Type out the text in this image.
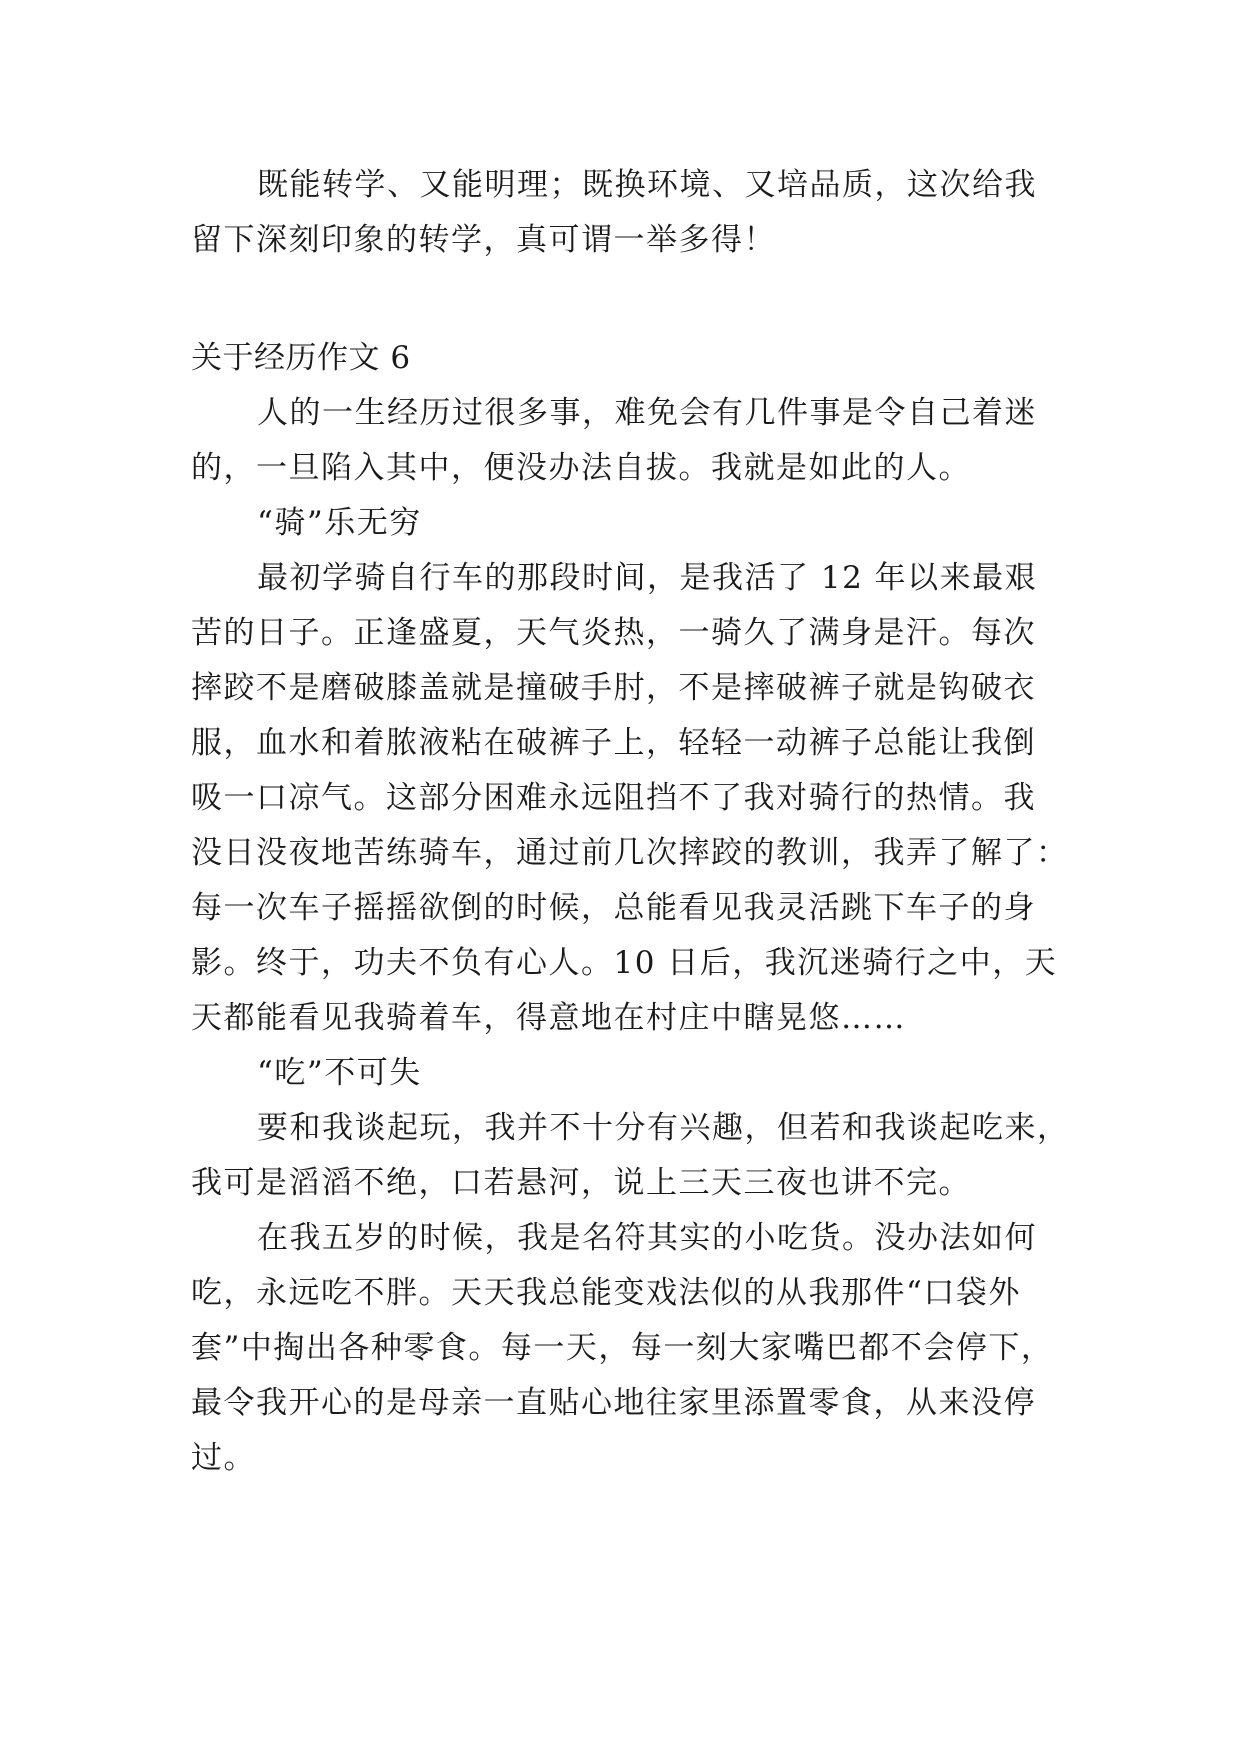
既能转学、又能明理；既换环境、又培品质，这次给我
留下深刻印象的转学，真可谓一举多得！
关于经历作文 6
人的一生经历过很多事，难免会有几件事是令自己着迷
的，一旦陷入其中，便没办法自拔。我就是如此的人。
“骑”乐无穷
最初学骑自行车的那段时间，是我活了 12 年以来最艰
苦的日子。正逢盛夏，天气炎热，一骑久了满身是汗。每次
摔跤不是磨破膝盖就是撞破手肘，不是摔破裤子就是钩破衣
服，血水和着脓液粘在破裤子上，轻轻一动裤子总能让我倒
吸一口凉气。这部分困难永远阻挡不了我对骑行的热情。我
没日没夜地苦练骑车，通过前几次摔跤的教训，我弄了解了：
每一次车子摇摇欲倒的时候，总能看见我灵活跳下车子的身
影。终于，功夫不负有心人。10 日后，我沉迷骑行之中，天
天都能看见我骑着车，得意地在村庄中瞎晃悠……
“吃”不可失
要和我谈起玩，我并不十分有兴趣，但若和我谈起吃来，
我可是滔滔不绝，口若悬河，说上三天三夜也讲不完。
在我五岁的时候，我是名符其实的小吃货。没办法如何
吃，永远吃不胖。天天我总能变戏法似的从我那件“口袋外
套”中掏出各种零食。每一天，每一刻大家嘴巴都不会停下，
最令我开心的是母亲一直贴心地往家里添置零食，从来没停
过。
